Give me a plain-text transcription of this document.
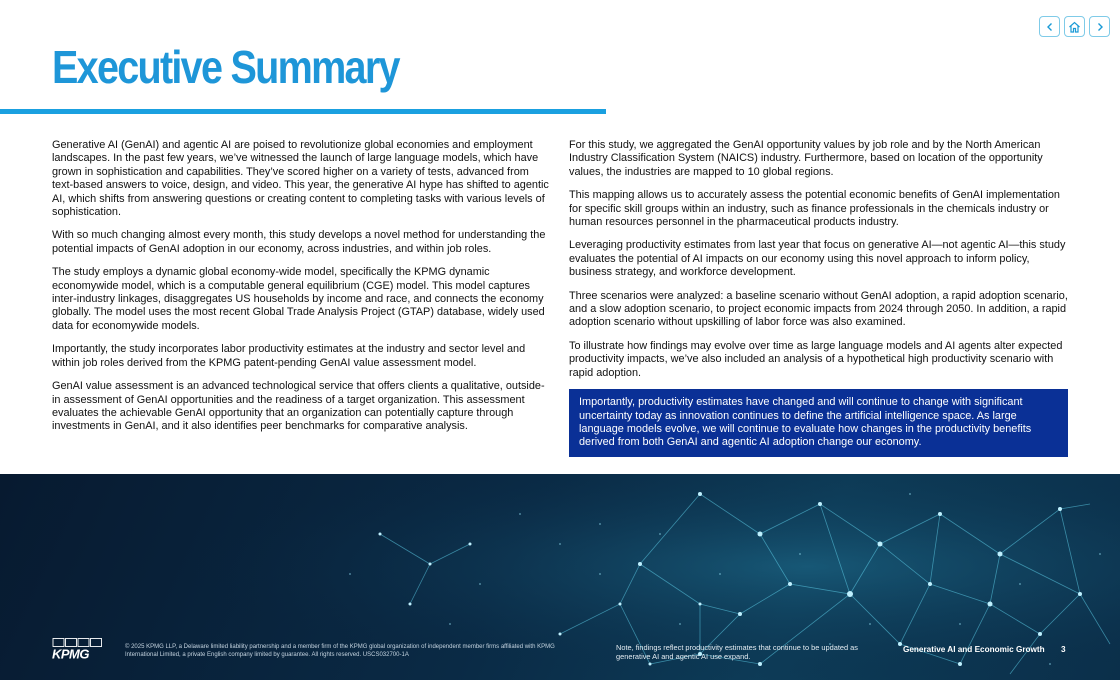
Executive Summary

Generative AI (GenAI) and agentic AI are poised to revolutionize global economies and employment landscapes. In the past few years, we’ve witnessed the launch of large language models, which have grown in sophistication and capabilities. They’ve scored higher on a variety of tests, advanced from text-based answers to voice, design, and video. This year, the generative AI hype has shifted to agentic AI, which shifts from answering questions or creating content to completing tasks with various levels of sophistication.

With so much changing almost every month, this study develops a novel method for understanding the potential impacts of GenAI adoption in our economy, across industries, and within job roles.

The study employs a dynamic global economy-wide model, specifically the KPMG dynamic economywide model, which is a computable general equilibrium (CGE) model. This model captures inter-industry linkages, disaggregates US households by income and race, and connects the economy globally. The model uses the most recent Global Trade Analysis Project (GTAP) database, widely used data for economywide models.

Importantly, the study incorporates labor productivity estimates at the industry and sector level and within job roles derived from the KPMG patent-pending GenAI value assessment model.

GenAI value assessment is an advanced technological service that offers clients a qualitative, outside-in assessment of GenAI opportunities and the readiness of a target organization. This assessment evaluates the achievable GenAI opportunity that an organization can potentially capture through investments in GenAI, and it also identifies peer benchmarks for comparative analysis.

For this study, we aggregated the GenAI opportunity values by job role and by the North American Industry Classification System (NAICS) industry. Furthermore, based on location of the opportunity values, the industries are mapped to 10 global regions.

This mapping allows us to accurately assess the potential economic benefits of GenAI implementation for specific skill groups within an industry, such as finance professionals in the chemicals industry or human resources personnel in the pharmaceutical products industry.

Leveraging productivity estimates from last year that focus on generative AI—not agentic AI—this study evaluates the potential of AI impacts on our economy using this novel approach to inform policy, business strategy, and workforce development.

Three scenarios were analyzed: a baseline scenario without GenAI adoption, a rapid adoption scenario, and a slow adoption scenario, to project economic impacts from 2024 through 2050. In addition, a rapid adoption scenario without upskilling of labor force was also examined.

To illustrate how findings may evolve over time as large language models and AI agents alter expected productivity impacts, we’ve also included an analysis of a hypothetical high productivity scenario with rapid adoption.

Importantly, productivity estimates have changed and will continue to change with significant uncertainty today as innovation continues to define the artificial intelligence space. As large language models evolve, we will continue to evaluate how changes in the productivity benefits derived from both GenAI and agentic AI adoption change our economy.
KPMG	© 2025 KPMG LLP, a Delaware limited liability partnership and a member firm of the KPMG global organization of independent member firms affiliated with KPMG International Limited, a private English company limited by guarantee. All rights reserved. USCS032700-1A
Note, findings reflect productivity estimates that continue to be updated as generative AI and agentic AI use expand.
Generative AI and Economic Growth 3
